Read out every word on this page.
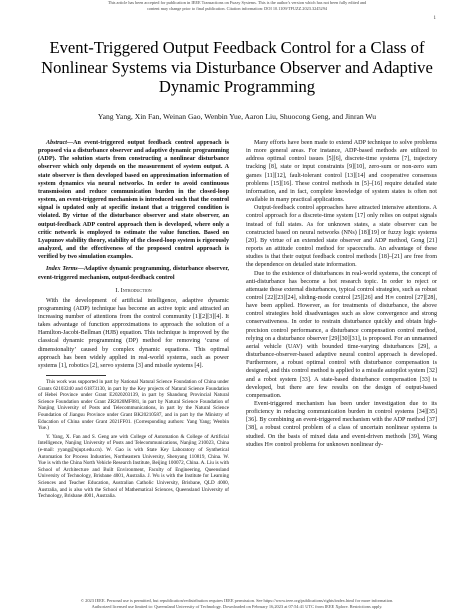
This article has been accepted for publication in IEEE Transactions on Fuzzy Systems. This is the author's version which has not been fully edited and
content may change prior to final publication. Citation information: DOI 10.1109/TFUZZ.2023.3245294
1
Event-Triggered Output Feedback Control for a Class of Nonlinear Systems via Disturbance Observer and Adaptive Dynamic Programming
Yang Yang, Xin Fan, Weinan Gao, Wenbin Yue, Aaron Liu, Shuocong Geng, and Jinran Wu

Abstract—An event-triggered output feedback control approach is proposed via a disturbance observer and adaptive dynamic programming (ADP). The solution starts from constructing a nonlinear disturbance observer which only depends on the measurement of system output. A state observer is then developed based on approximation information of system dynamics via neural networks. In order to avoid continuous transmission and reduce communication burden in the closed-loop system, an event-triggered mechanism is introduced such that the control signal is updated only at specific instant that a triggered condition is violated. By virtue of the disturbance observer and state observer, an output-feedback ADP control approach then is developed, where only a critic network is employed to estimate the value function. Based on Lyapunov stability theory, stability of the closed-loop system is rigorously analyzed, and the effectiveness of the proposed control approach is verified by two simulation examples.

Index Terms—Adaptive dynamic programming, disturbance observer, event-triggered mechanism, output-feedback control

I. Introduction

With the development of artificial intelligence, adaptive dynamic programming (ADP) technique has become an active topic and attracted an increasing number of attentions from the control community [1][2][3][4]. It takes advantage of function approximations to approach the solution of a Hamilton-Jacobi-Bellman (HJB) equation. This technique is improved by the classical dynamic programming (DP) method for removing ‘curse of dimensionality’ caused by complex dynamic equations. This optimal approach has been widely applied in real-world systems, such as power systems [1], robotics [2], servo systems [3] and missile systems [4].

This work was supported in part by National Natural Science Foundation of China under Grants 62103240 and 61873130, in part by the Key projects of Natural Science Foundation of Hebei Province under Grant E2020203139, in part by Shandong Provincial Natural Science Foundation under Grant ZR2020MF081, in part by Natural Science Foundation of Nanjing University of Posts and Telecommunications, in part by the Natural Science Foundation of Jiangsu Province under Grant BK20210587, and in part by the Ministry of Education of China under Grant 2021FF01. (Corresponding authors: Yang Yang; Wenbin Yue.)

Y. Yang, X. Fan and S. Geng are with College of Automation & College of Artificial Intelligence, Nanjing University of Posts and Telecommunications, Nanjing 210023, China (e-mail: yyang@njupt.edu.cn). W. Gao is with State Key Laboratory of Synthetical Automation for Process Industries, Northeastern University, Shenyang 110819, China. W. Yue is with the China North Vehicle Research Institute, Beijing 100072, China. A. Liu is with School of Architecture and Built Environment, Faculty of Engineering, Queensland University of Technology, Brisbane 4001, Australia. J. Wu is with the Institute for Learning Sciences and Teacher Education, Australian Catholic University, Brisbane, QLD 4000, Australia, and is also with the School of Mathematical Sciences, Queensland University of Technology, Brisbane 4001, Australia.

Many efforts have been made to extend ADP technique to solve problems in more general areas. For instance, ADP-based methods are utilized to address optimal control issues [5][6], discrete-time systems [7], trajectory tracking [8], state or input constraints [9][10], zero-sum or non-zero sum games [11][12], fault-tolerant control [13][14] and cooperative consensus problems [15][16]. These control methods in [5]–[16] require detailed state information, and in fact, complete knowledge of system states is often not available in many practical applications.

Output-feedback control approaches have attracted intensive attentions. A control approach for a discrete-time system [17] only relies on output signals instead of full states. As for unknown states, a state observer can be constructed based on neural networks (NNs) [18][19] or fuzzy logic systems [20]. By virtue of an extended state observer and ADP method, Gong [21] reports an attitude control method for spacecrafts. An advantage of these studies is that their output feedback control methods [18]–[21] are free from the dependence on detailed state information.

Due to the existence of disturbances in real-world systems, the concept of anti-disturbance has become a hot research topic. In order to reject or attenuate those external disturbances, typical control strategies, such as robust control [22][23][24], sliding-mode control [25][26] and H∞ control [27][28], have been applied. However, as for treatments of disturbance, the above control strategies hold disadvantages such as slow convergence and strong conservativeness. In order to restrain disturbance quickly and obtain high-precision control performance, a disturbance compensation control method, relying on a disturbance observer [29][30][31], is proposed. For an unmanned aerial vehicle (UAV) with bounded time-varying disturbances [29], a disturbance-observer-based adaptive neural control approach is developed. Furthermore, a robust optimal control with disturbance compensation is designed, and this control method is applied to a missile autopilot system [32] and a robot system [33]. A state-based disturbance compensation [33] is developed, but there are few results on the design of output-based compensation.

Event-triggered mechanism has been under investigation due to its proficiency in reducing communication burden in control systems [34][35][36]. By combining an event-triggered mechanism with the ADP method [37][38], a robust control problem of a class of uncertain nonlinear systems is studied. On the basis of mixed data and event-driven methods [39], Wang studies H∞ control problems for unknown nonlinear dy-

© 2023 IEEE. Personal use is permitted, but republication/redistribution requires IEEE permission. See https://www.ieee.org/publications/rights/index.html for more information.
Authorized licensed use limited to: Queensland University of Technology. Downloaded on February 16,2023 at 07:54:41 UTC from IEEE Xplore. Restrictions apply.
